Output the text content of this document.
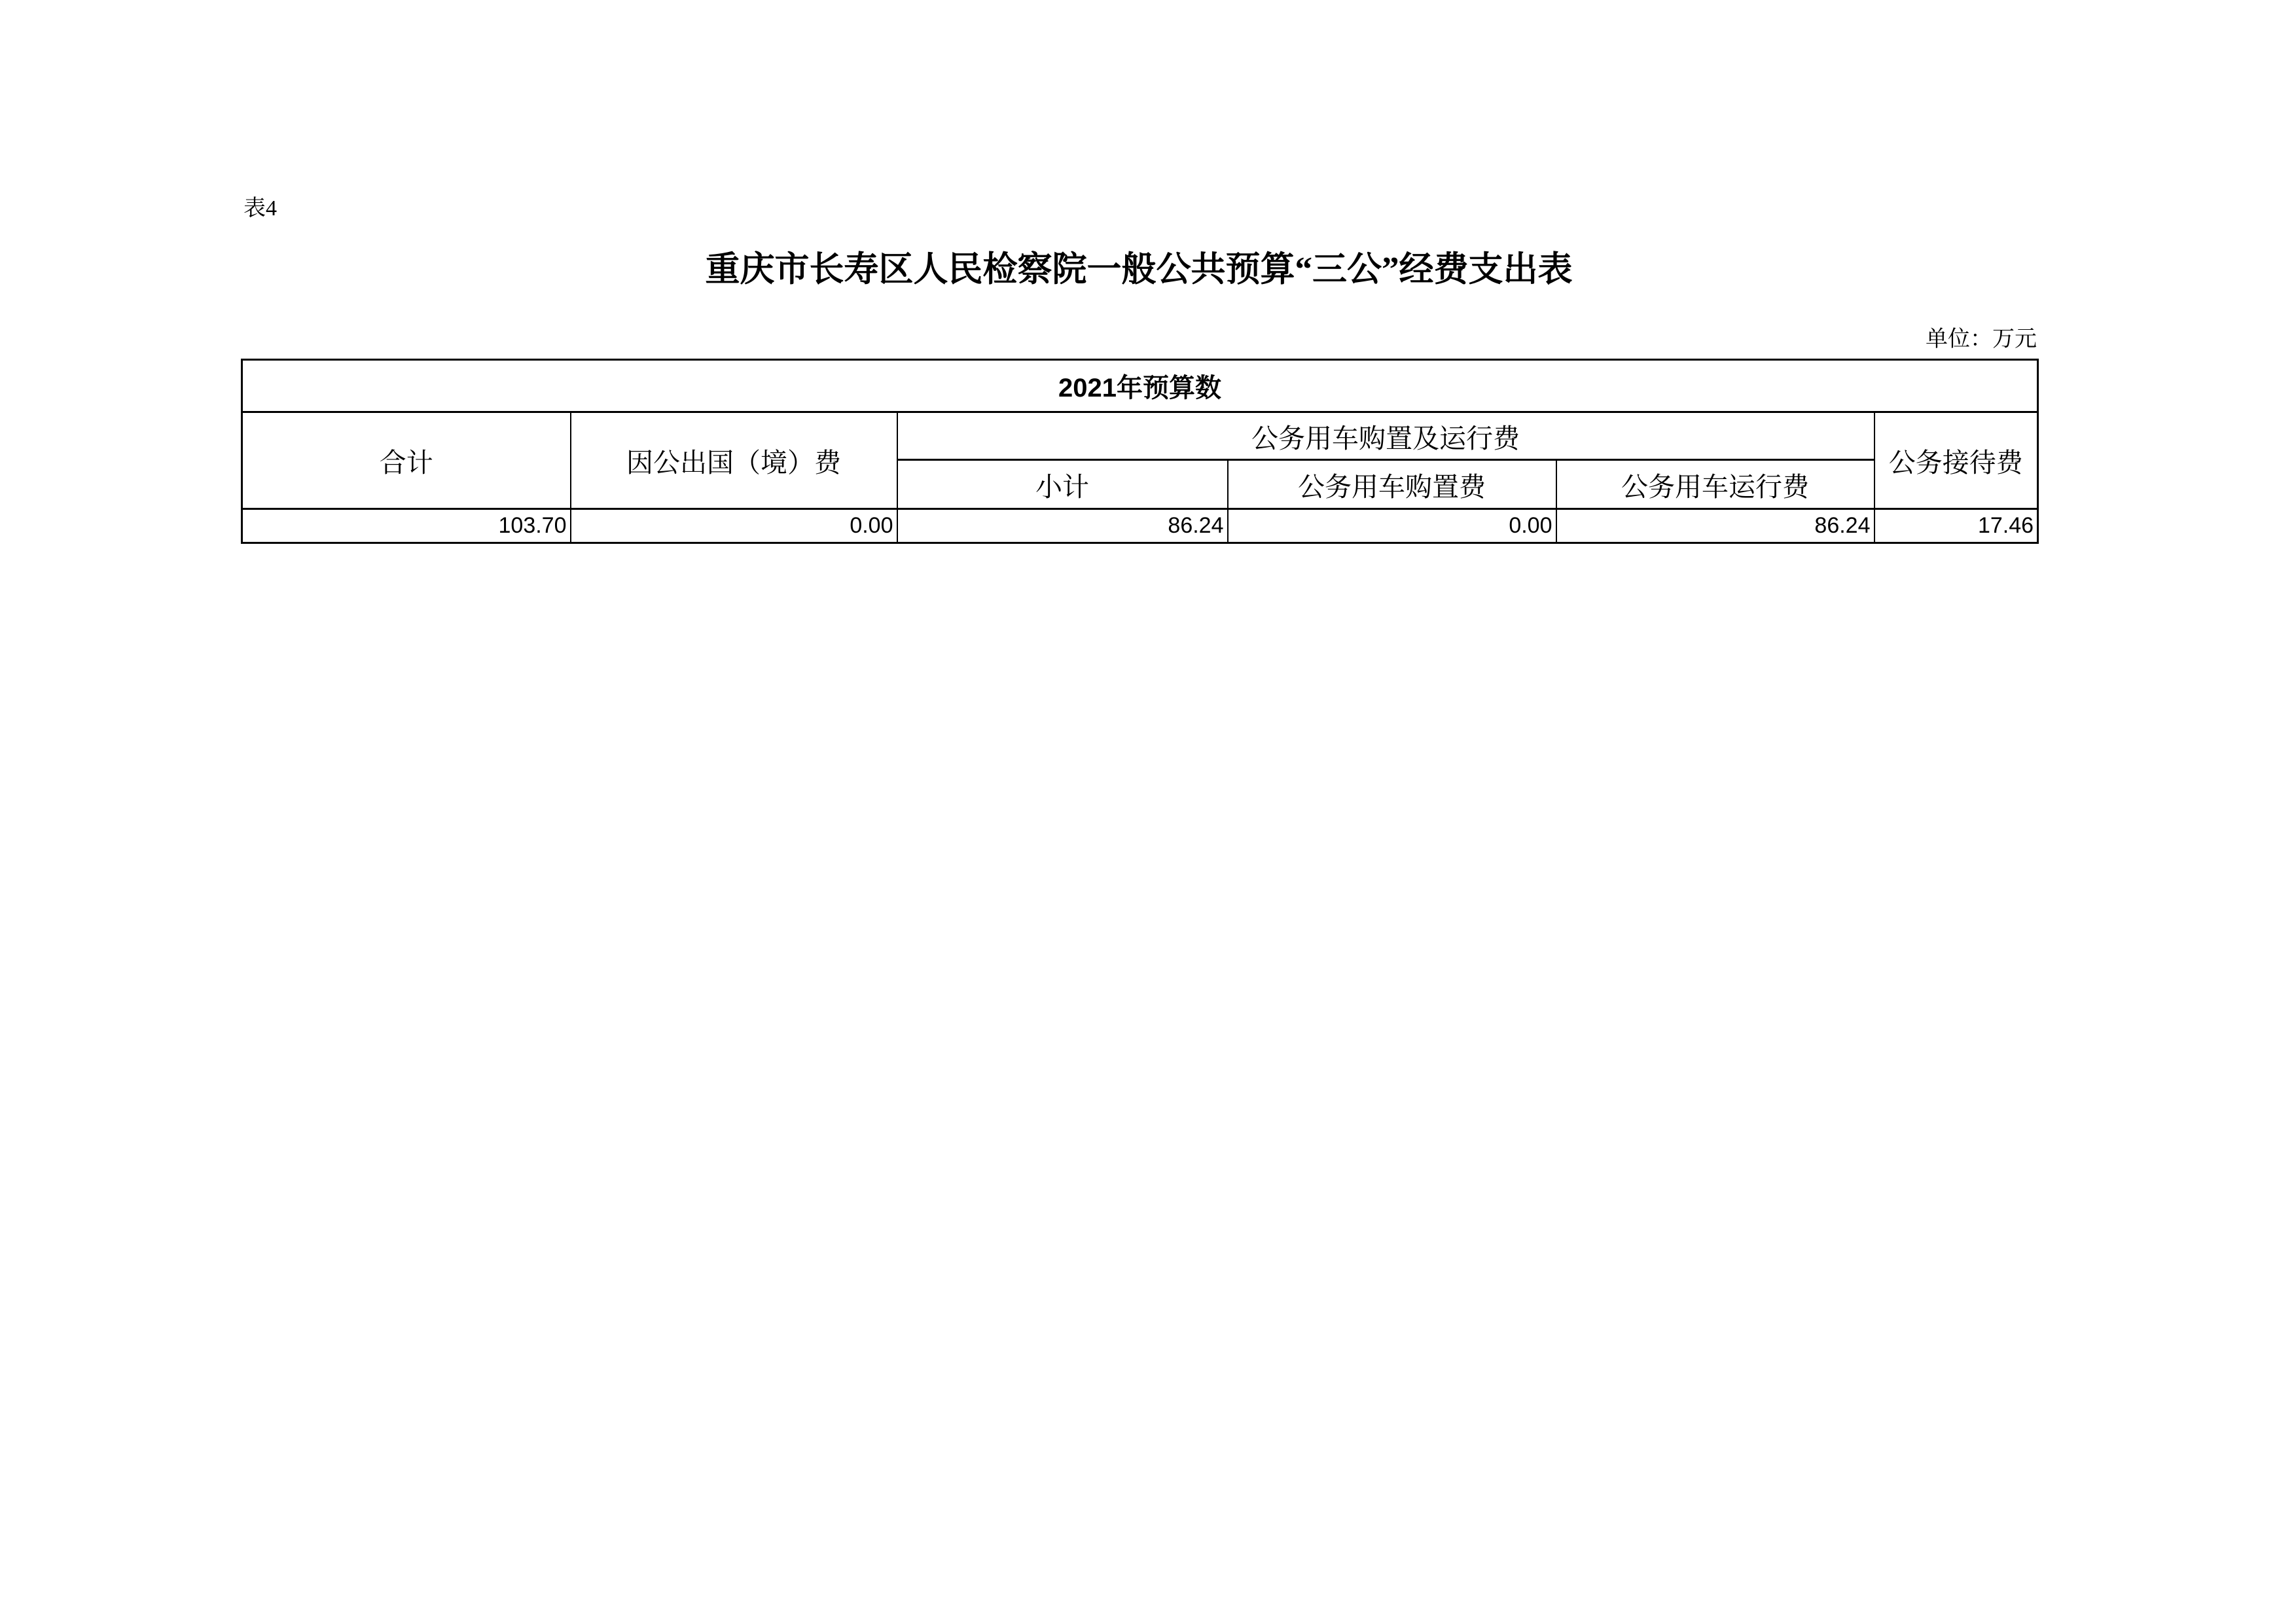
表4
重庆市长寿区人民检察院一般公共预算“三公”经费支出表
单位：万元
2021年预算数					
合计	因公出国（境）费	公务用车购置及运行费			公务接待费
		小计	公务用车购置费	公务用车运行费	
103.70	0.00	86.24	0.00	86.24	17.46
